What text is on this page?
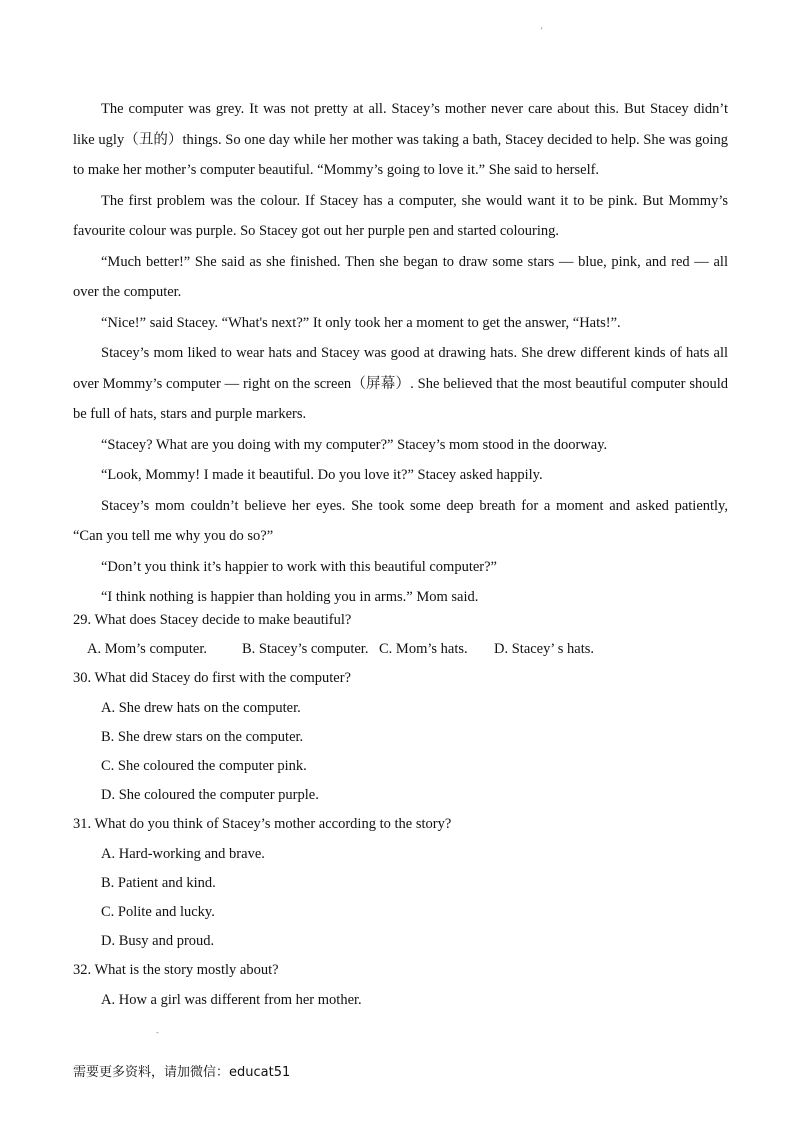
'

The computer was grey. It was not pretty at all. Stacey’s mother never care about this. But Stacey didn’t like ugly（丑的）things. So one day while her mother was taking a bath, Stacey decided to help. She was going to make her mother’s computer beautiful. “Mommy’s going to love it.” She said to herself.

The first problem was the colour. If Stacey has a computer, she would want it to be pink. But Mommy’s favourite colour was purple. So Stacey got out her purple pen and started colouring.

“Much better!” She said as she finished. Then she began to draw some stars — blue, pink, and red — all over the computer.

“Nice!” said Stacey. “What's next?” It only took her a moment to get the answer, “Hats!”.

Stacey’s mom liked to wear hats and Stacey was good at drawing hats. She drew different kinds of hats all over Mommy’s computer — right on the screen（屏幕）. She believed that the most beautiful computer should be full of hats, stars and purple markers.

“Stacey? What are you doing with my computer?” Stacey’s mom stood in the doorway.

“Look, Mommy! I made it beautiful. Do you love it?” Stacey asked happily.

Stacey’s mom couldn’t believe her eyes. She took some deep breath for a moment and asked patiently, “Can you tell me why you do so?”

“Don’t you think it’s happier to work with this beautiful computer?”

“I think nothing is happier than holding you in arms.” Mom said.

29. What does Stacey decide to make beautiful?

A. Mom’s computer.	B. Stacey’s computer. C. Mom’s hats.	D. Stacey’ s hats.

30. What did Stacey do first with the computer?

A. She drew hats on the computer.

B. She drew stars on the computer.

C. She coloured the computer pink.

D. She coloured the computer purple.

31. What do you think of Stacey’s mother according to the story?

A. Hard-working and brave.

B. Patient and kind.

C. Polite and lucky.

D. Busy and proud.

32. What is the story mostly about?

A. How a girl was different from her mother.

-
需要更多资料，请加微信：educat51
